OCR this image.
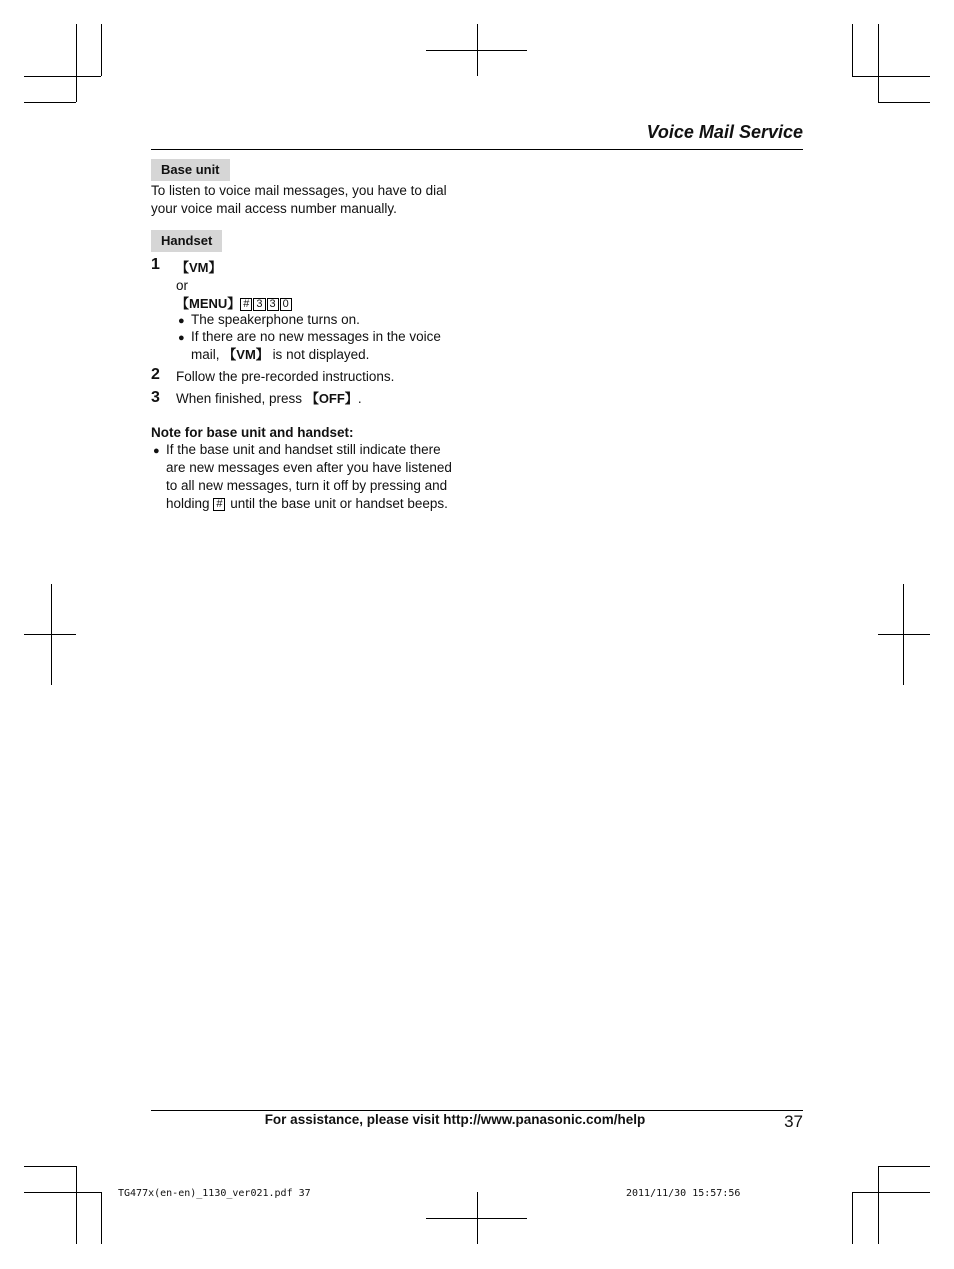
Voice Mail Service
Base unit
To listen to voice mail messages, you have to dial
your voice mail access number manually.
Handset
1 【VM】
or
【MENU】 # 3 3 0
● The speakerphone turns on.
● If there are no new messages in the voice
mail, 【VM】 is not displayed.
2 Follow the pre-recorded instructions.
3 When finished, press 【OFF】.
Note for base unit and handset:
● If the base unit and handset still indicate there
are new messages even after you have listened
to all new messages, turn it off by pressing and
holding # until the base unit or handset beeps.
For assistance, please visit http://www.panasonic.com/help	37
TG477x(en-en)_1130_ver021.pdf 37	2011/11/30 15:57:56
